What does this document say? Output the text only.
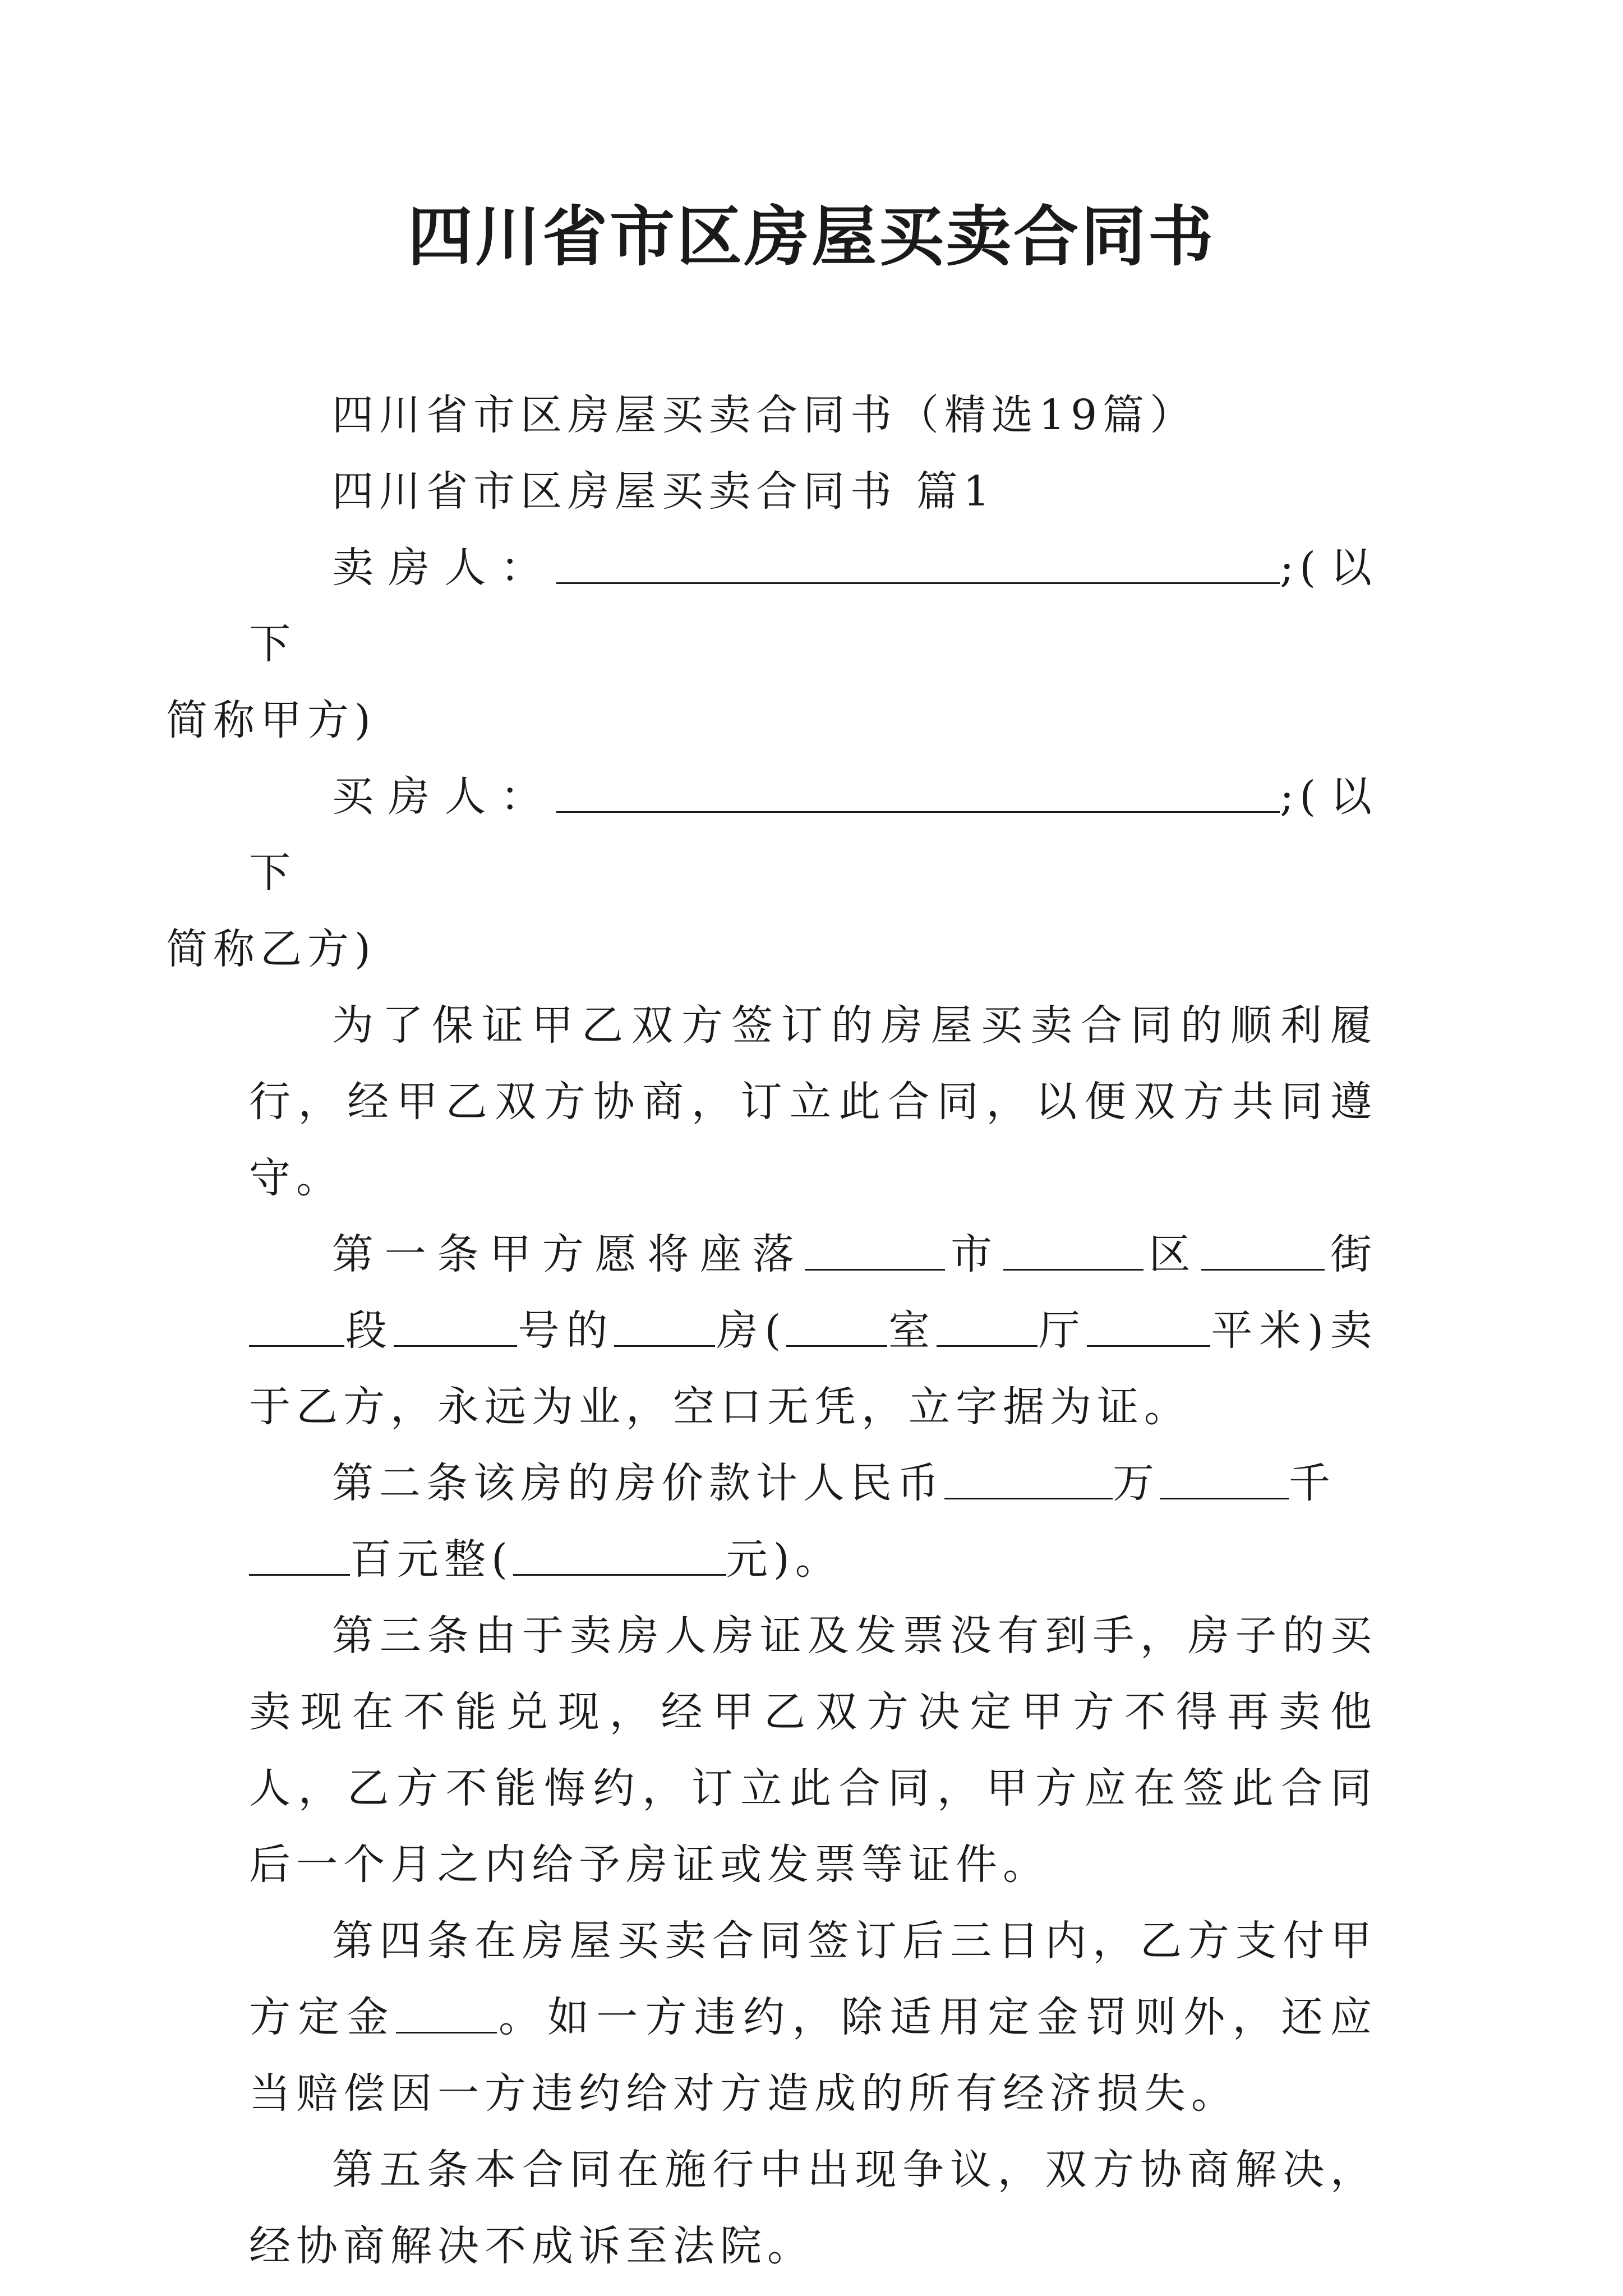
四川省市区房屋买卖合同书

四川省市区房屋买卖合同书（精选19篇）

四川省市区房屋买卖合同书 篇1

卖房人：	;(以下
简称甲方)

买房人：	;(以下
简称乙方)

为了保证甲乙双方签订的房屋买卖合同的顺利履行，经甲乙双方协商，订立此合同，以便双方共同遵守。

第一条甲方愿将座落	市	区	街段	号的 房( 室 厅	平米)卖于乙方，永远为业，空口无凭，立字据为证。

第二条该房的房价款计人民币	万	千
百元整(	元)。

第三条由于卖房人房证及发票没有到手，房子的买卖现在不能兑现，经甲乙双方决定甲方不得再卖他人，乙方不能悔约，订立此合同，甲方应在签此合同后一个月之内给予房证或发票等证件。

第四条在房屋买卖合同签订后三日内，乙方支付甲方定金 。如一方违约，除适用定金罚则外，还应当赔偿因一方违约给对方造成的所有经济损失。

第五条本合同在施行中出现争议，双方协商解决，经协商解决不成诉至法院。
